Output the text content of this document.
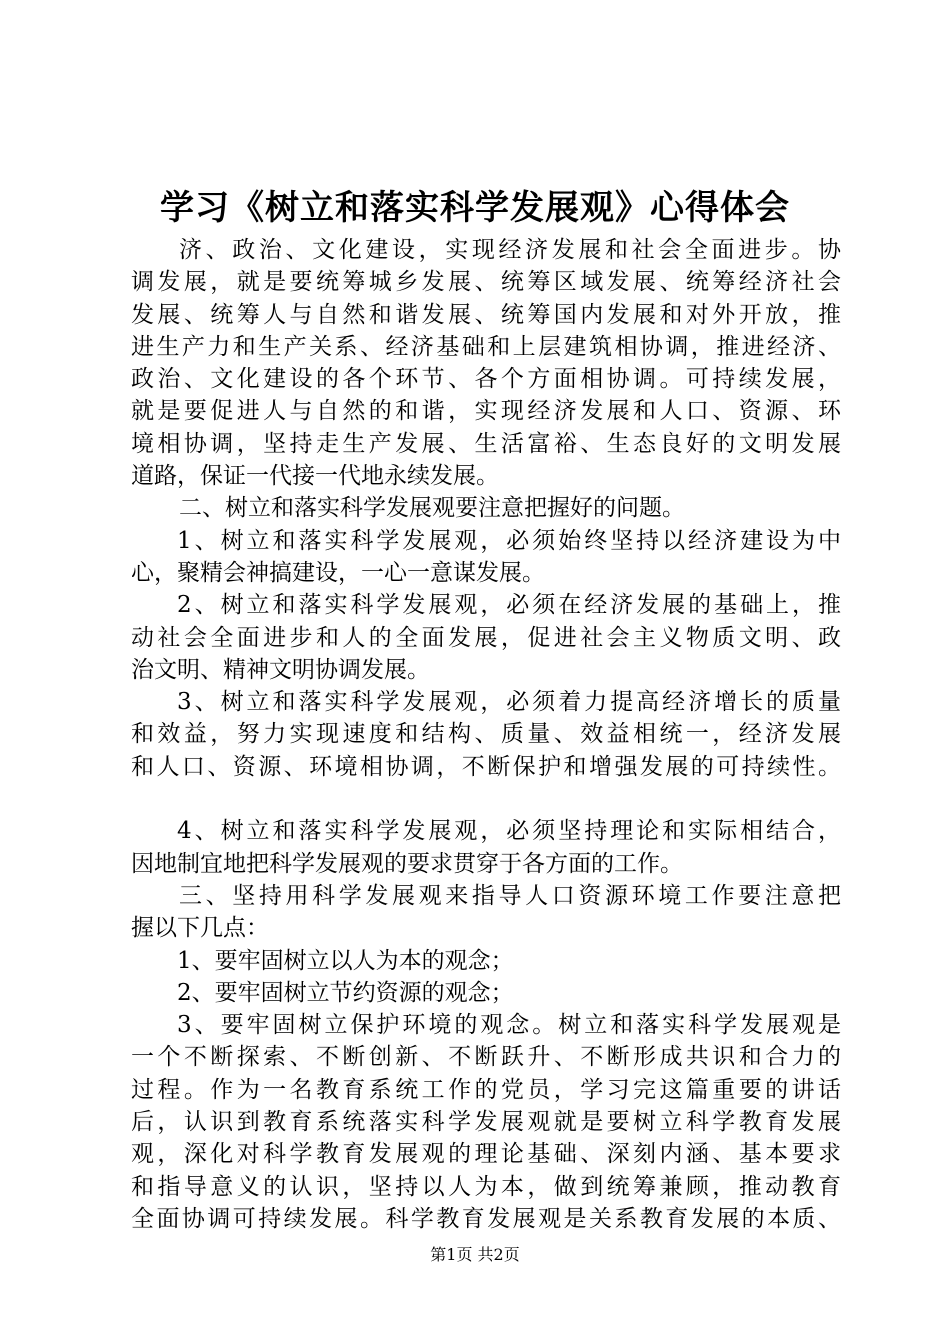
学习《树立和落实科学发展观》心得体会
济、政治、文化建设，实现经济发展和社会全面进步。协
调发展，就是要统筹城乡发展、统筹区域发展、统筹经济社会
发展、统筹人与自然和谐发展、统筹国内发展和对外开放，推
进生产力和生产关系、经济基础和上层建筑相协调，推进经济、
政治、文化建设的各个环节、各个方面相协调。可持续发展，
就是要促进人与自然的和谐，实现经济发展和人口、资源、环
境相协调，坚持走生产发展、生活富裕、生态良好的文明发展
道路，保证一代接一代地永续发展。
二、树立和落实科学发展观要注意把握好的问题。
1、树立和落实科学发展观，必须始终坚持以经济建设为中
心，聚精会神搞建设，一心一意谋发展。
2、树立和落实科学发展观，必须在经济发展的基础上，推
动社会全面进步和人的全面发展，促进社会主义物质文明、政
治文明、精神文明协调发展。
3、树立和落实科学发展观，必须着力提高经济增长的质量
和效益，努力实现速度和结构、质量、效益相统一，经济发展
和人口、资源、环境相协调，不断保护和增强发展的可持续性。
4、树立和落实科学发展观，必须坚持理论和实际相结合，
因地制宜地把科学发展观的要求贯穿于各方面的工作。
三、坚持用科学发展观来指导人口资源环境工作要注意把
握以下几点：
1、要牢固树立以人为本的观念；
2、要牢固树立节约资源的观念；
3、要牢固树立保护环境的观念。树立和落实科学发展观是
一个不断探索、不断创新、不断跃升、不断形成共识和合力的
过程。作为一名教育系统工作的党员，学习完这篇重要的讲话
后，认识到教育系统落实科学发展观就是要树立科学教育发展
观，深化对科学教育发展观的理论基础、深刻内涵、基本要求
和指导意义的认识，坚持以人为本，做到统筹兼顾，推动教育
全面协调可持续发展。科学教育发展观是关系教育发展的本质、
第1页 共2页
